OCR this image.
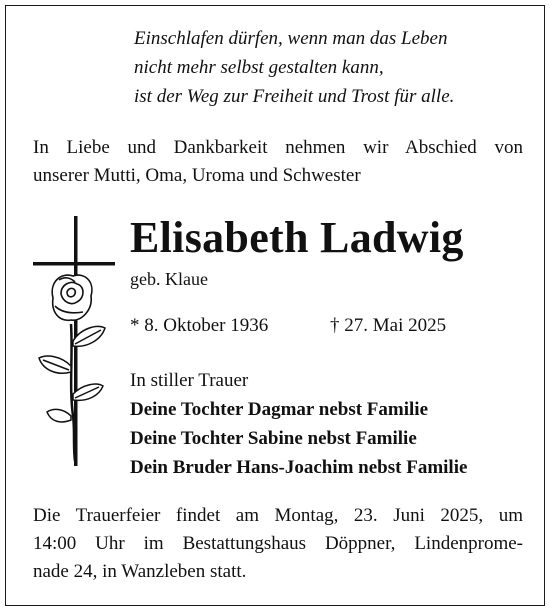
Einschlafen dürfen, wenn man das Leben
nicht mehr selbst gestalten kann,
ist der Weg zur Freiheit und Trost für alle.
In Liebe und Dankbarkeit nehmen wir Abschied von
unserer Mutti, Oma, Uroma und Schwester
Elisabeth Ladwig
geb. Klaue
* 8. Oktober 1936	† 27. Mai 2025
In stiller Trauer
Deine Tochter Dagmar nebst Familie
Deine Tochter Sabine nebst Familie
Dein Bruder Hans-Joachim nebst Familie
Die Trauerfeier findet am Montag, 23. Juni 2025, um
14:00 Uhr im Bestattungshaus Döppner, Lindenprome-
nade 24, in Wanzleben statt.
